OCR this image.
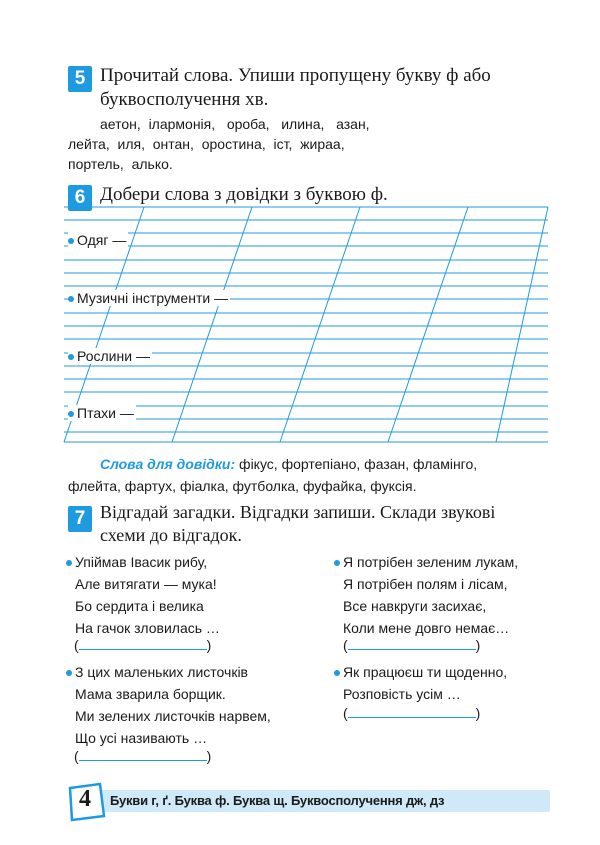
5 Прочитай слова. Упиши пропущену букву ф або
буквосполучення хв.
аетон, ілармонія, ороба, илина, азан,
лейта, иля, онтан, оростина, іст, жираа,
портель, алько.
6 Добери слова з довідки з буквою ф.
Одяг —
Музичні інструменти —
Рослини —
Птахи —
Слова для довідки: фікус, фортепіано, фазан, фламінго,
флейта, фартух, фіалка, футболка, фуфайка, фуксія.
7 Відгадай загадки. Відгадки запиши. Склади звукові
схеми до відгадок.
Упіймав Івасик рибу,
Але витягати — мука!
Бо сердита і велика
На гачок зловилась …
(	)
Я потрібен зеленим лукам,
Я потрібен полям і лісам,
Все навкруги засихає,
Коли мене довго немає…
(	)
З цих маленьких листочків
Мама зварила борщик.
Ми зелених листочків нарвем,
Що усі називають …
(	)
Як працюєш ти щоденно,
Розповість усім …
(	)
4 Букви г, ґ. Буква ф. Буква щ. Буквосполучення дж, дз
